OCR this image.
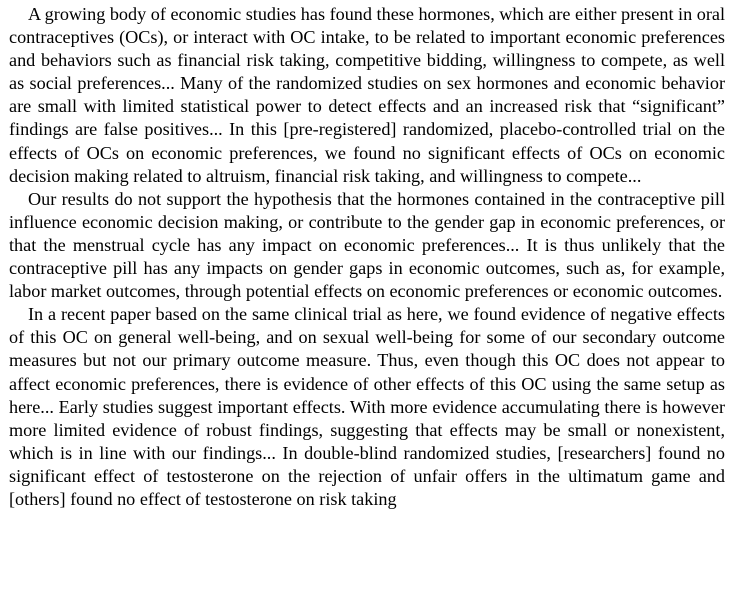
A growing body of economic studies has found these hormones, which are either present in oral contraceptives (OCs), or interact with OC intake, to be related to important economic preferences and behaviors such as financial risk taking, competitive bidding, willingness to compete, as well as social preferences... Many of the randomized studies on sex hormones and economic behavior are small with limited statistical power to detect effects and an increased risk that “significant” findings are false positives... In this [pre-registered] randomized, placebo-controlled trial on the effects of OCs on economic preferences, we found no significant effects of OCs on economic decision making related to altruism, financial risk taking, and willingness to compete...

Our results do not support the hypothesis that the hormones contained in the contraceptive pill influence economic decision making, or contribute to the gender gap in economic preferences, or that the menstrual cycle has any impact on economic preferences... It is thus unlikely that the contraceptive pill has any impacts on gender gaps in economic outcomes, such as, for example, labor market outcomes, through potential effects on economic preferences or economic outcomes.

In a recent paper based on the same clinical trial as here, we found evidence of negative effects of this OC on general well-being, and on sexual well-being for some of our secondary outcome measures but not our primary outcome measure. Thus, even though this OC does not appear to affect economic preferences, there is evidence of other effects of this OC using the same setup as here... Early studies suggest important effects. With more evidence accumulating there is however more limited evidence of robust findings, suggesting that effects may be small or nonexistent, which is in line with our findings... In double-blind randomized studies, [researchers] found no significant effect of testosterone on the rejection of unfair offers in the ultimatum game and [others] found no effect of testosterone on risk taking
